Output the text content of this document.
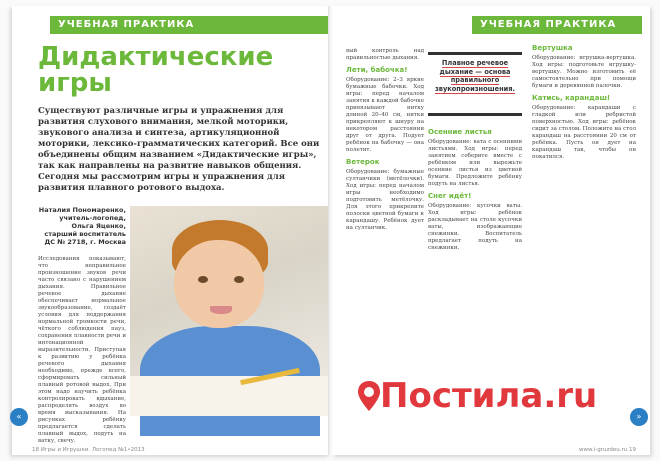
УЧЕБНАЯ ПРАКТИКА
Дидактические игры
Существуют различные игры и упражнения для развития слухового внимания, мелкой моторики, звукового анализа и синтеза, артикуляционной моторики, лексико-грамматических категорий. Все они объединены общим названием «Дидактические игры», так как направлены на развитие навыков общения. Сегодня мы рассмотрим игры и упражнения для развития плавного ротового выдоха.
Наталия Пономаренко, учитель-логопед, Ольга Яценко, старший воспитатель ДС № 2718, г. Москва
Исследования показывают, что неправильное произношение звуков речи часто связано с нарушением дыхания. Правильное речевое дыхание обеспечивает нормальное звукообразование, создаёт условия для поддержания нормальной громкости речи, чёткого соблюдения пауз, сохранения плавности речи и интонационной выразительности. Приступая к развитию у ребёнка речевого дыхания необходимо, прежде всего, сформировать сильный плавный ротовой выдох. При этом надо научить ребёнка контролировать вдыхание, распределять воздух во время высказывания. На рисунках ребёнку предлагается сделать плавный выдох, подуть на ватку, свечу.
18 Игры и Игрушки. Логопед №1•2013
УЧЕБНАЯ ПРАКТИКА
вый контроль над правильностью дыхания.
Лети, бабочка!
Оборудование: 2–3 яркие бумажные бабочки. Ход игры: перед началом занятия к каждой бабочке привязывают нитку длиной 20–40 см, нитки прикрепляют к шнуру на некотором расстоянии друг от друга. Подует ребёнок на бабочку — она полетит.
Ветерок
Оборудование: бумажные султанчики (метёлочки). Ход игры: перед началом игры необходимо подготовить метёлочку. Для этого прикрепите полоски цветной бумаги к карандашу. Ребёнок дует на султанчик.
Плавное речевое дыхание — основа правильного звукопроизношения.
Осенние листья
Оборудование: вата с осенними листьями. Ход игры: перед занятием соберите вместе с ребёнком или вырежьте осенние листья из цветной бумаги. Предложите ребёнку подуть на листья.
Снег идёт!
Оборудование: кусочки ваты. Ход игры: ребёнок раскладывает на столе кусочки ваты, изображающие снежинки. Воспитатель предлагает подуть на снежинки.
Вертушка
Оборудование: игрушка-вертушка. Ход игры: подготовьте игрушку-вертушку. Можно изготовить её самостоятельно при помощи бумаги и деревянной палочки.
Катись, карандаш!
Оборудование: карандаши с гладкой или ребристой поверхностью. Ход игры: ребёнок сидит за столом. Положите на стол карандаш на расстоянии 20 см от ребёнка. Пусть он дует на карандаш так, чтобы он покатился.
www.i-gruzdeu.ru 19
«	»
Постила.ru
